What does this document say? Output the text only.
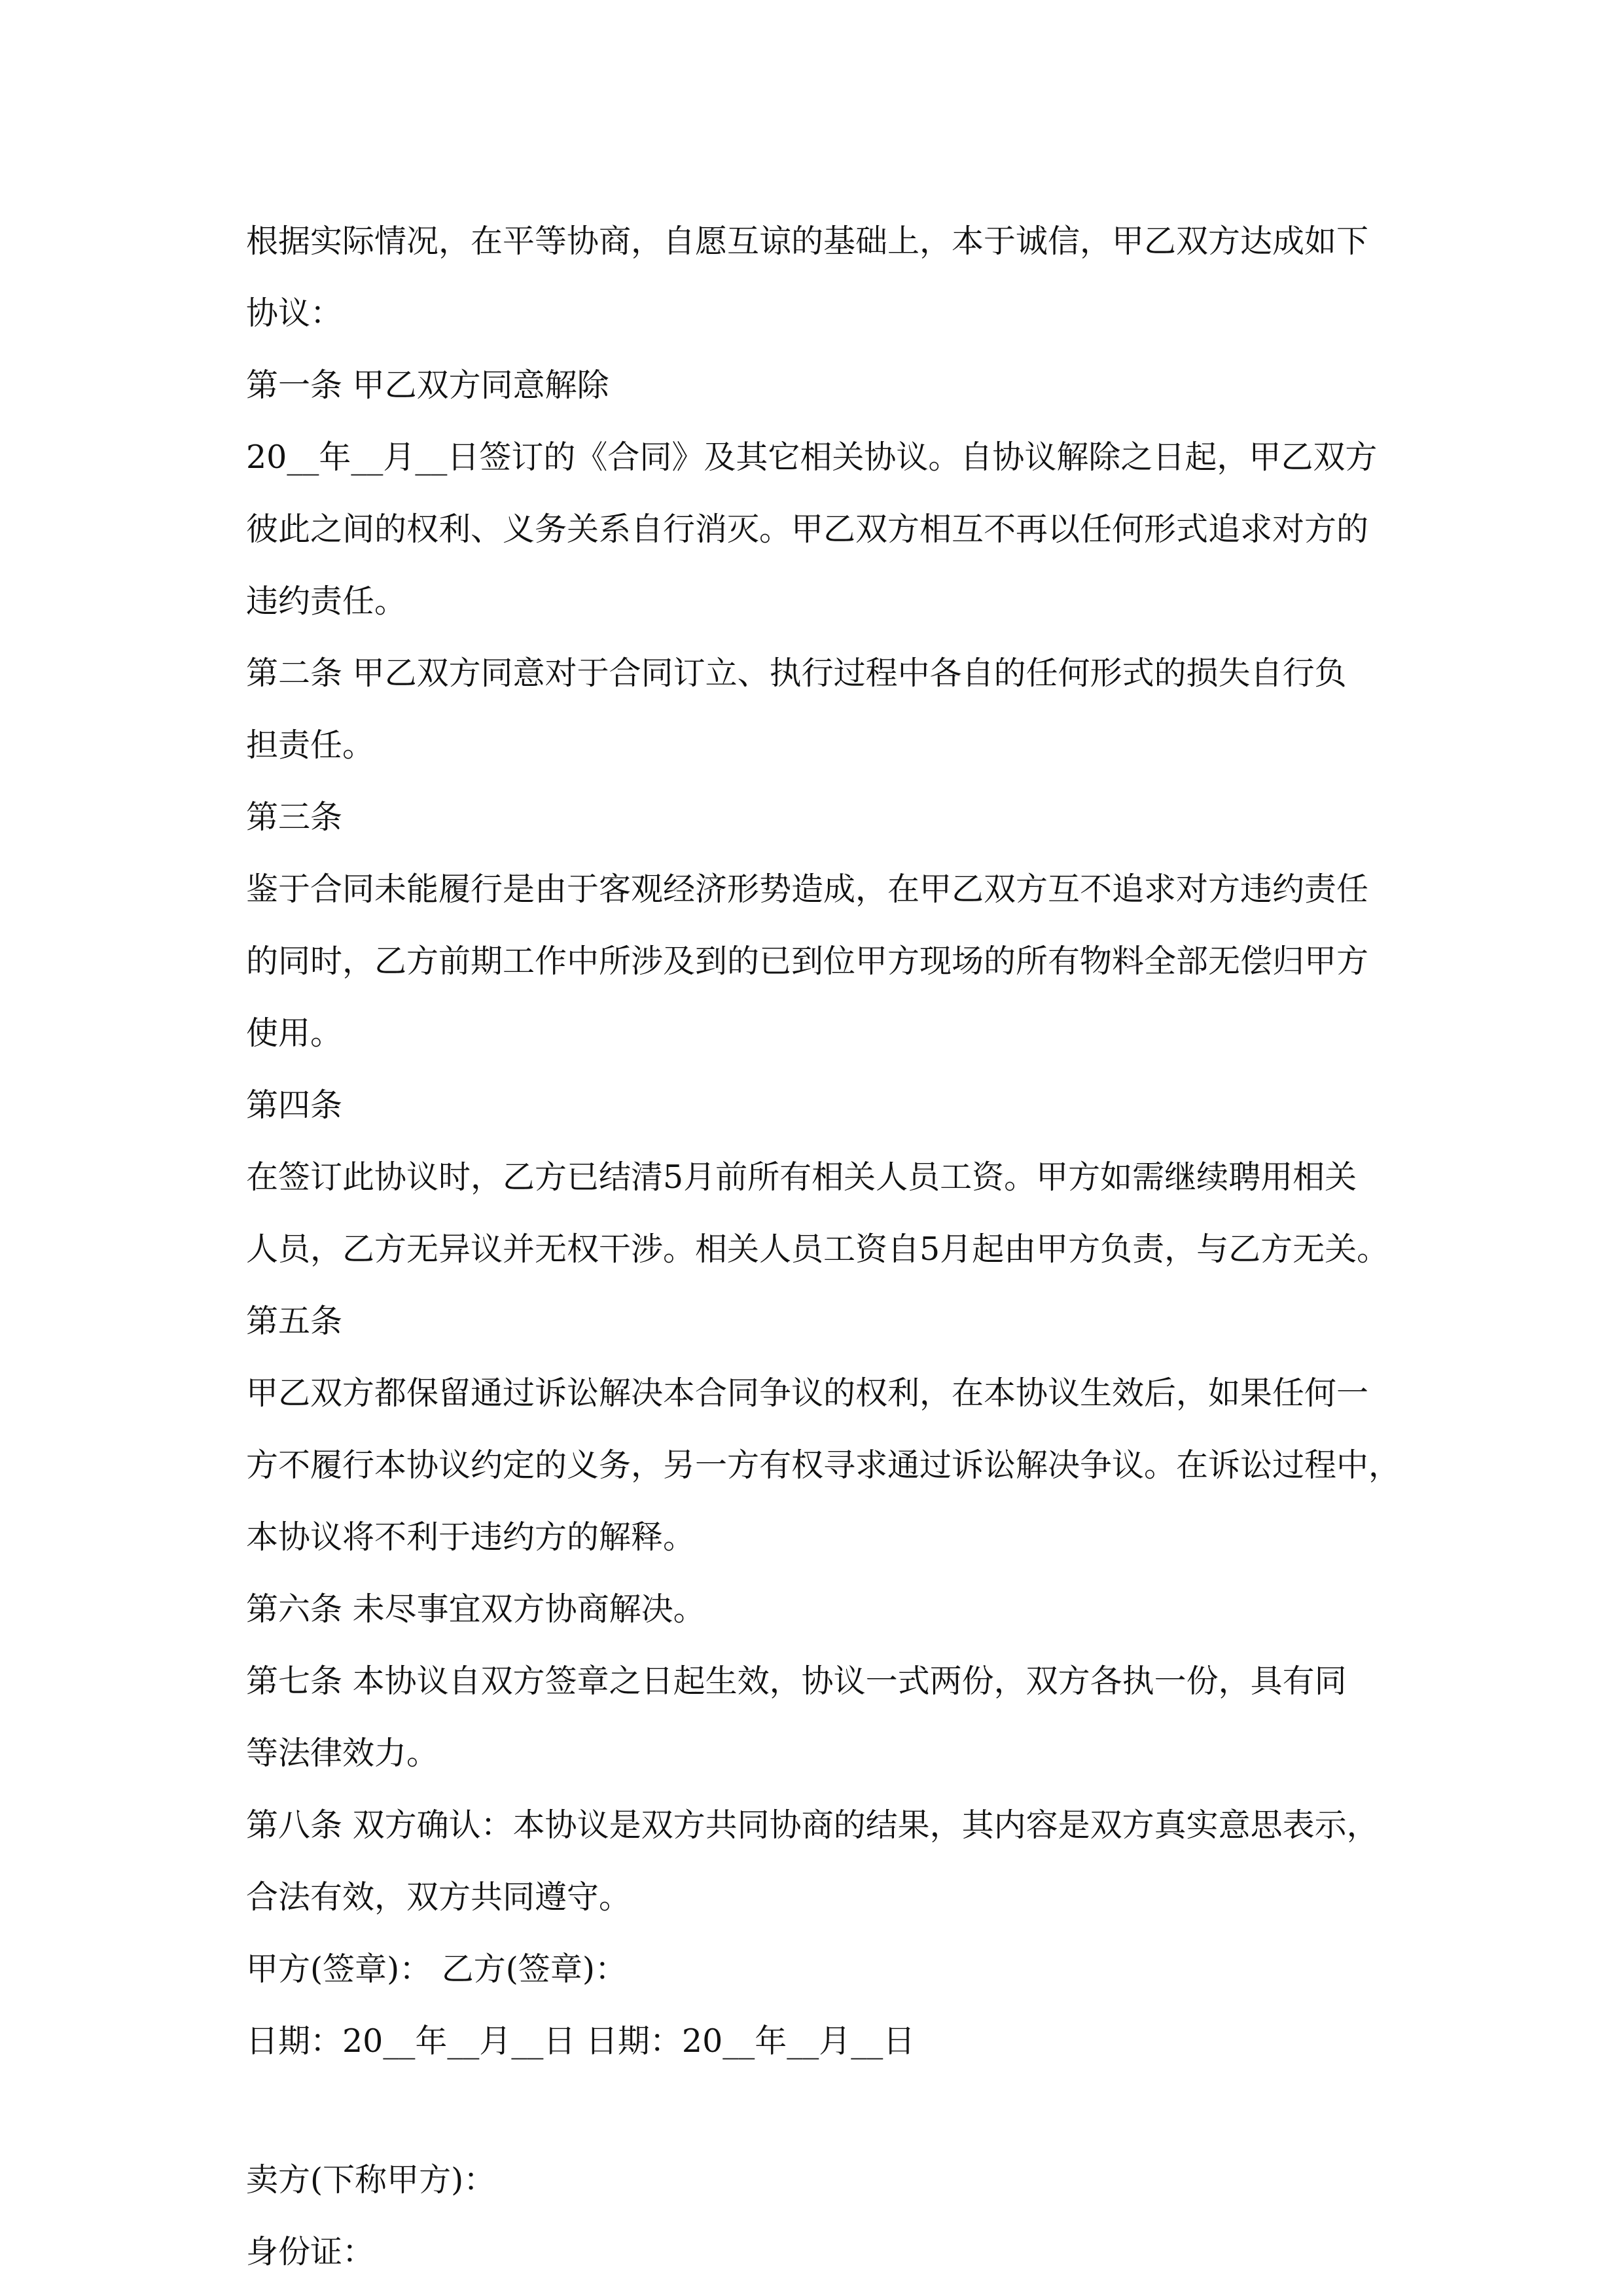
根据实际情况，在平等协商，自愿互谅的基础上，本于诚信，甲乙双方达成如下
协议：
第一条 甲乙双方同意解除
20__年__月__日签订的《合同》及其它相关协议。自协议解除之日起，甲乙双方
彼此之间的权利、义务关系自行消灭。甲乙双方相互不再以任何形式追求对方的
违约责任。
第二条 甲乙双方同意对于合同订立、执行过程中各自的任何形式的损失自行负
担责任。
第三条
鉴于合同未能履行是由于客观经济形势造成，在甲乙双方互不追求对方违约责任
的同时，乙方前期工作中所涉及到的已到位甲方现场的所有物料全部无偿归甲方
使用。
第四条
在签订此协议时，乙方已结清5月前所有相关人员工资。甲方如需继续聘用相关
人员，乙方无异议并无权干涉。相关人员工资自5月起由甲方负责，与乙方无关。
第五条
甲乙双方都保留通过诉讼解决本合同争议的权利，在本协议生效后，如果任何一
方不履行本协议约定的义务，另一方有权寻求通过诉讼解决争议。在诉讼过程中，
本协议将不利于违约方的解释。
第六条 未尽事宜双方协商解决。
第七条 本协议自双方签章之日起生效，协议一式两份，双方各执一份，具有同
等法律效力。
第八条 双方确认：本协议是双方共同协商的结果，其内容是双方真实意思表示，
合法有效，双方共同遵守。
甲方(签章)： 乙方(签章)：
日期：20__年__月__日 日期：20__年__月__日
卖方(下称甲方)：
身份证：
